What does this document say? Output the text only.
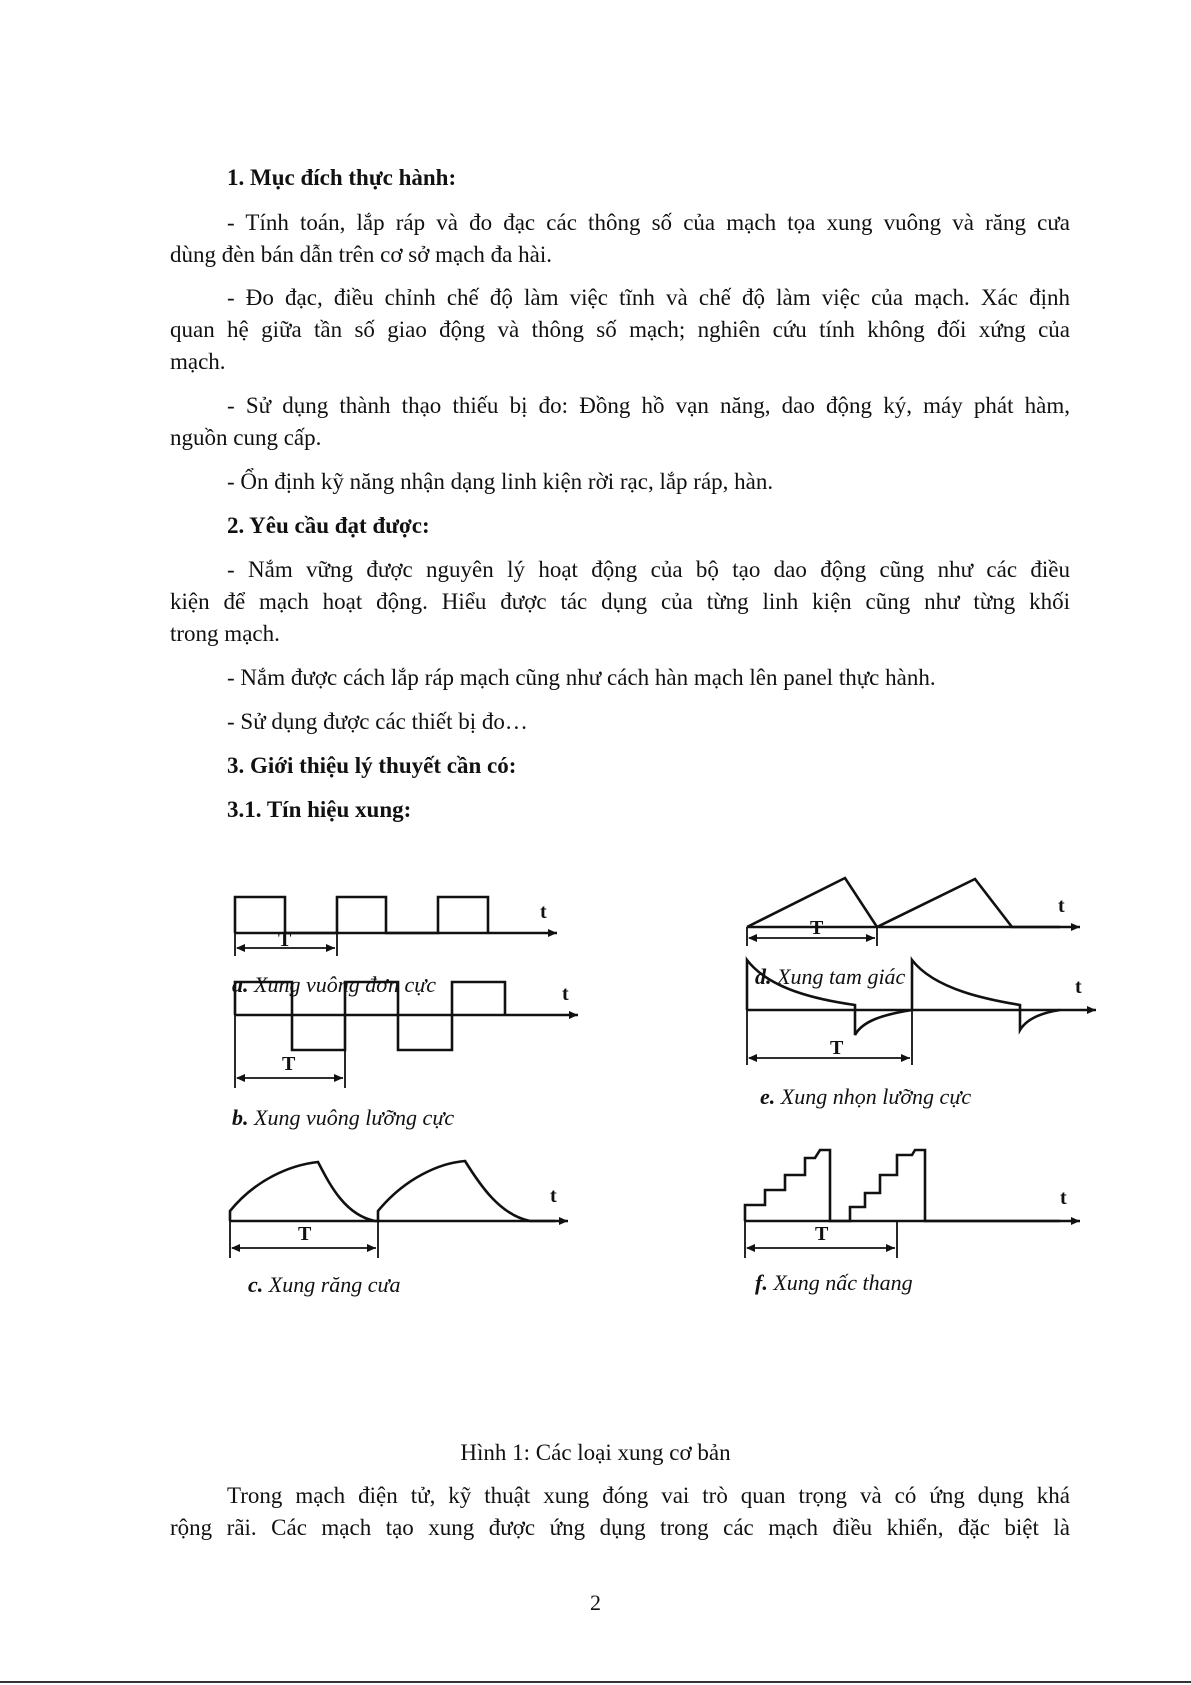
1. Mục đích thực hành:

- Tính toán, lắp ráp và đo đạc các thông số của mạch tọa xung vuông và răng cưa

dùng đèn bán dẫn trên cơ sở mạch đa hài.

- Đo đạc, điều chỉnh chế độ làm việc tĩnh và chế độ làm việc của mạch. Xác định

quan hệ giữa tần số giao động và thông số mạch; nghiên cứu tính không đối xứng của

mạch.

- Sử dụng thành thạo thiếu bị đo: Đồng hồ vạn năng, dao động ký, máy phát hàm,

nguồn cung cấp.

- Ổn định kỹ năng nhận dạng linh kiện rời rạc, lắp ráp, hàn.

2. Yêu cầu đạt được:

- Nắm vững được nguyên lý hoạt động của bộ tạo dao động cũng như các điều

kiện để mạch hoạt động. Hiểu được tác dụng của từng linh kiện cũng như từng khối

trong mạch.

- Nắm được cách lắp ráp mạch cũng như cách hàn mạch lên panel thực hành.

- Sử dụng được các thiết bị đo…

3. Giới thiệu lý thuyết cần có:

3.1. Tín hiệu xung:

T
t
a. Xung vuông đơn cực
T
t
b. Xung vuông lưỡng cực
T
t
c. Xung răng cưa
T
t
d. Xung tam giác
T
t
e. Xung nhọn lưỡng cực
T
t
f. Xung nấc thang

Hình 1: Các loại xung cơ bản

Trong mạch điện tử, kỹ thuật xung đóng vai trò quan trọng và có ứng dụng khá

rộng rãi. Các mạch tạo xung được ứng dụng trong các mạch điều khiển, đặc biệt là

2
